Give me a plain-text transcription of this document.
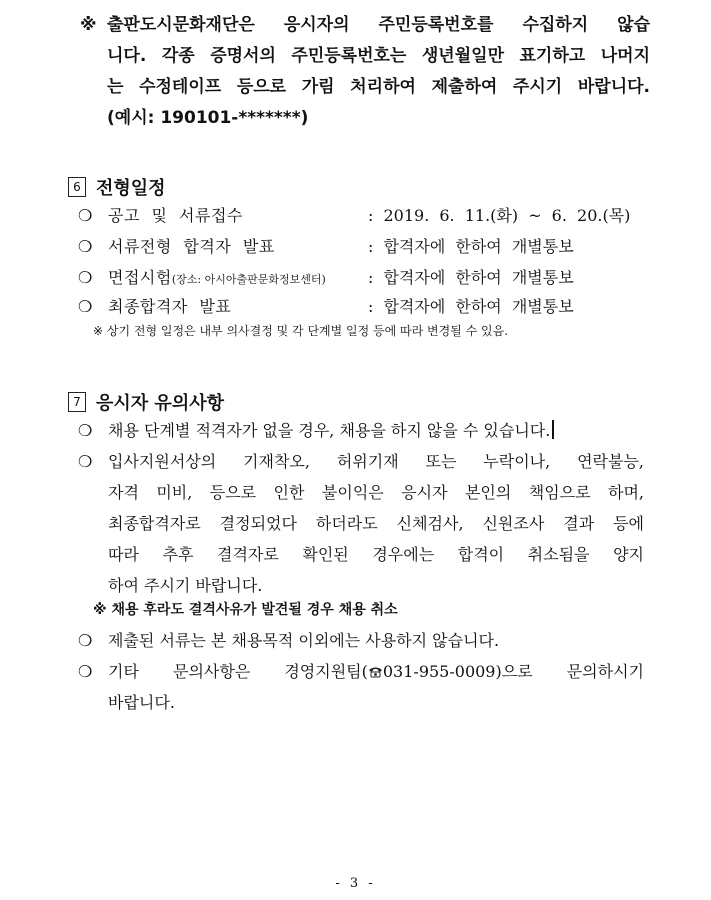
※ 출판도시문화재단은 응시자의 주민등록번호를 수집하지 않습
니다. 각종 증명서의 주민등록번호는 생년월일만 표기하고 나머지
는 수정테이프 등으로 가림 처리하여 제출하여 주시기 바랍니다.
(예시: 190101-*******)
6 전형일정
❍ 공고 및 서류접수	: 2019. 6. 11.(화) ~ 6. 20.(목)
❍ 서류전형 합격자 발표	: 합격자에 한하여 개별통보
❍ 면접시험(장소: 아시아출판문화정보센터)	: 합격자에 한하여 개별통보
❍ 최종합격자 발표	: 합격자에 한하여 개별통보
※ 상기 전형 일정은 내부 의사결정 및 각 단계별 일정 등에 따라 변경될 수 있음.
7 응시자 유의사항
❍ 채용 단계별 적격자가 없을 경우, 채용을 하지 않을 수 있습니다.
❍ 입사지원서상의 기재착오, 허위기재 또는 누락이나, 연락불능,
자격 미비, 등으로 인한 불이익은 응시자 본인의 책임으로 하며,
최종합격자로 결정되었다 하더라도 신체검사, 신원조사 결과 등에
따라 추후 결격자로 확인된 경우에는 합격이 취소됨을 양지
하여 주시기 바랍니다.
※ 채용 후라도 결격사유가 발견될 경우 채용 취소
❍ 제출된 서류는 본 채용목적 이외에는 사용하지 않습니다.
❍ 기타 문의사항은 경영지원팀( 031-955-0009)으로 문의하시기
바랍니다.
- 3 -
